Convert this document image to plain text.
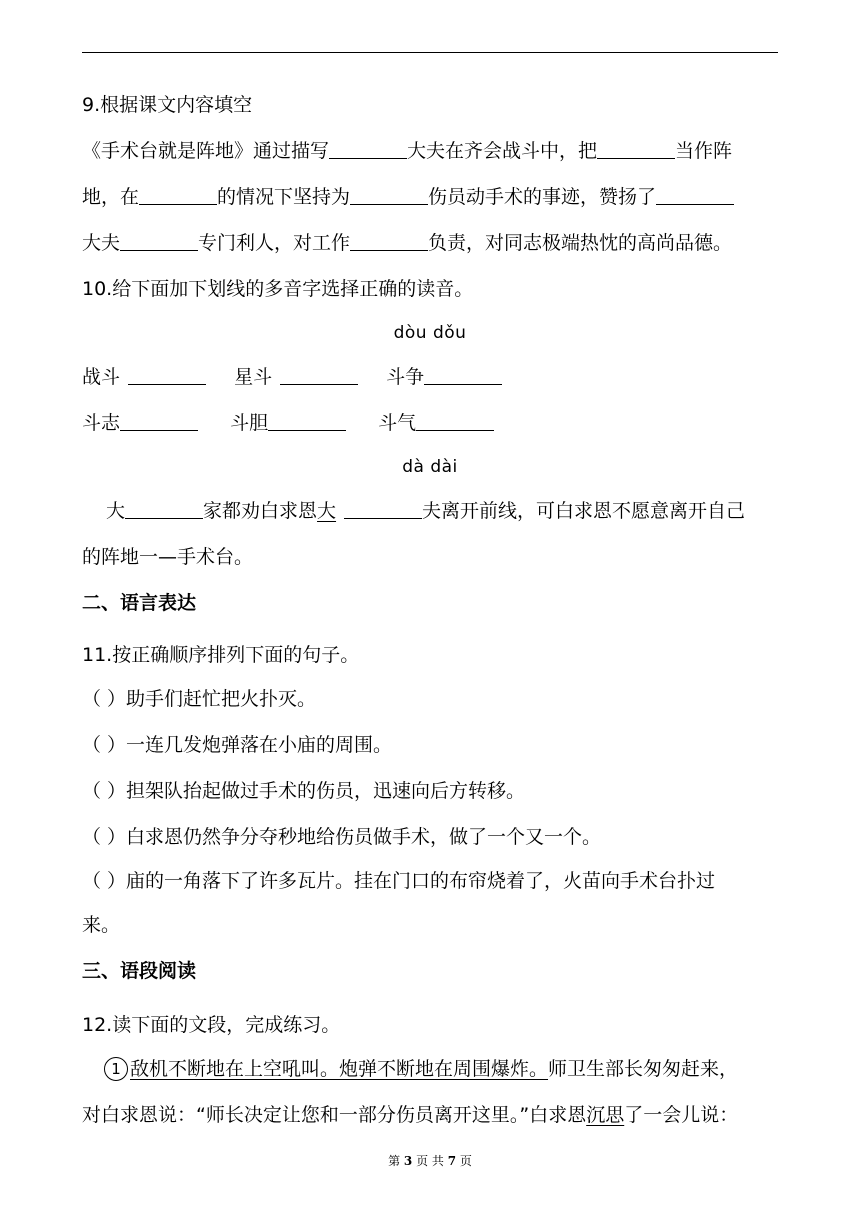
9.根据课文内容填空
《手术台就是阵地》通过描写	大夫在齐会战斗中，把	当作阵
地，在	的情况下坚持为	伤员动手术的事迹，赞扬了
大夫	专门利人，对工作	负责，对同志极端热忱的高尚品德。
10.给下面加下划线的多音字选择正确的读音。
dòu dǒu
战斗	星斗	斗争
斗志	斗胆	斗气
dà dài
大	家都劝白求恩大	夫离开前线，可白求恩不愿意离开自己
的阵地一—手术台。
二、语言表达
11.按正确顺序排列下面的句子。
（ ）助手们赶忙把火扑灭。
（ ）一连几发炮弹落在小庙的周围。
（ ）担架队抬起做过手术的伤员，迅速向后方转移。
（ ）白求恩仍然争分夺秒地给伤员做手术，做了一个又一个。
（ ）庙的一角落下了许多瓦片。挂在门口的布帘烧着了，火苗向手术台扑过
来。
三、语段阅读
12.读下面的文段，完成练习。
1 敌机不断地在上空吼叫。炮弹不断地在周围爆炸。师卫生部长匆匆赶来，
对白求恩说：“师长决定让您和一部分伤员离开这里。”白求恩沉思了一会儿说：
第 3 页 共 7 页
